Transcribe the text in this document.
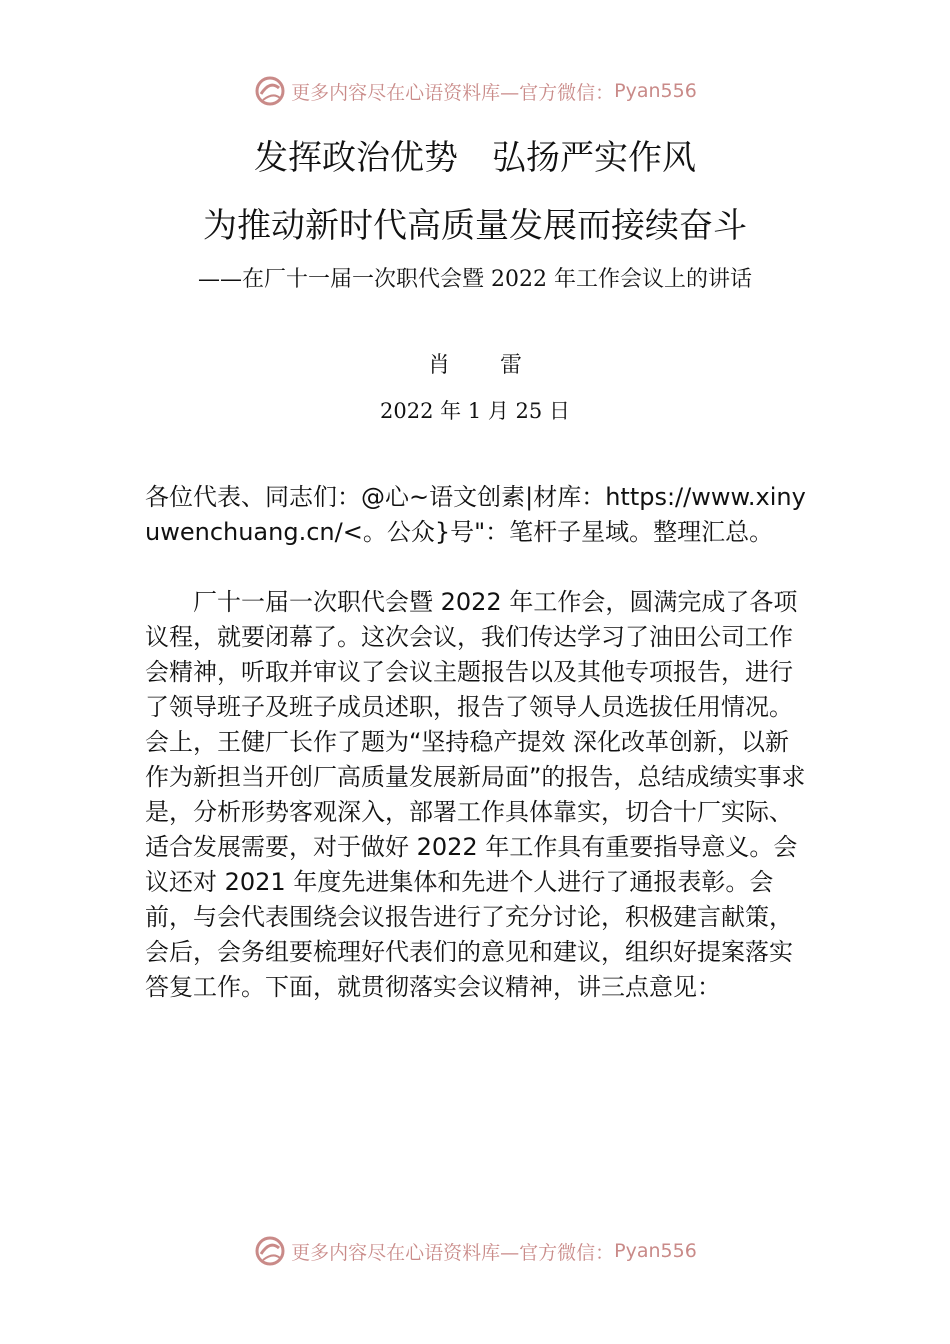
更多内容尽在心语资料库—官方微信： Pyan556
发挥政治优势　弘扬严实作风
为推动新时代高质量发展而接续奋斗
——在厂十一届一次职代会暨 2022 年工作会议上的讲话
肖雷
2022 年 1 月 25 日
各位代表、同志们：@心~语文创素|材库：https://www.xinyuwenchuang.cn/<。公众}号"：笔杆子星域。整理汇总。
厂十一届一次职代会暨 2022 年工作会，圆满完成了各项议程，就要闭幕了。这次会议，我们传达学习了油田公司工作会精神，听取并审议了会议主题报告以及其他专项报告，进行了领导班子及班子成员述职，报告了领导人员选拔任用情况。会上，王健厂长作了题为“坚持稳产提效 深化改革创新，以新作为新担当开创厂高质量发展新局面”的报告，总结成绩实事求是，分析形势客观深入，部署工作具体靠实，切合十厂实际、适合发展需要，对于做好 2022 年工作具有重要指导意义。会议还对 2021 年度先进集体和先进个人进行了通报表彰。会前，与会代表围绕会议报告进行了充分讨论，积极建言献策，会后，会务组要梳理好代表们的意见和建议，组织好提案落实答复工作。下面，就贯彻落实会议精神，讲三点意见：
更多内容尽在心语资料库—官方微信： Pyan556
